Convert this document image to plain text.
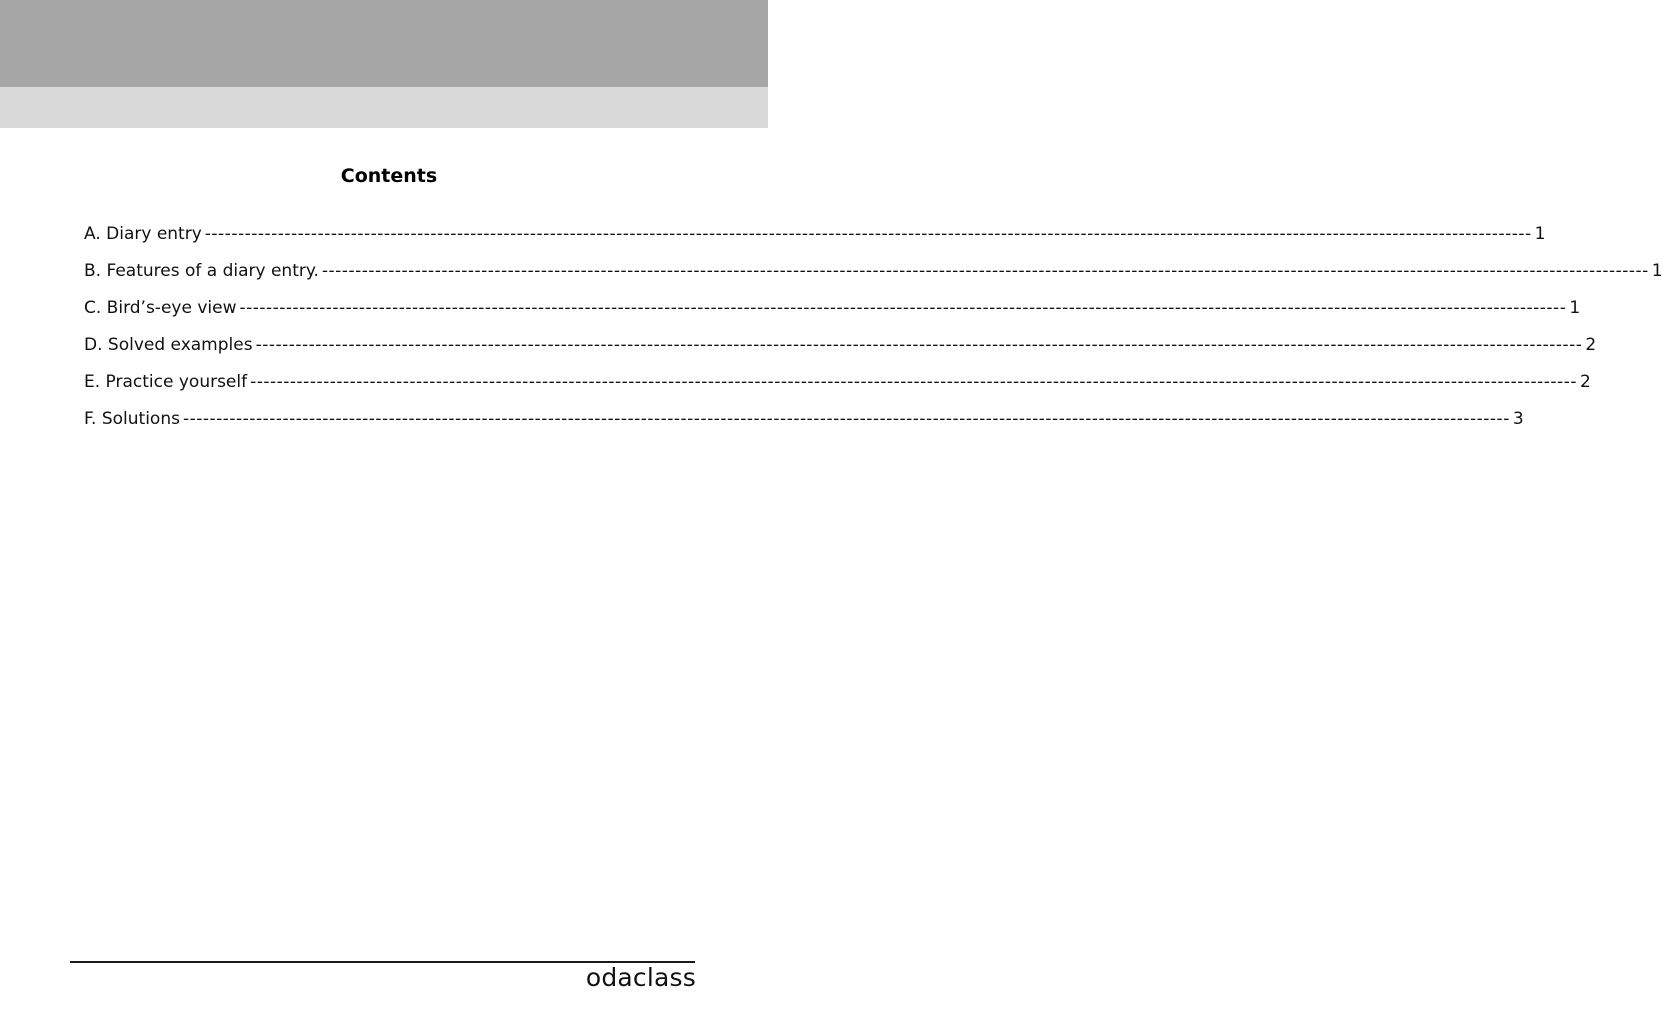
Contents
A. Diary entry -------------------------------------------------------------------------------------------------------------------------------------------------------------------------------------------------------- 1
B. Features of a diary entry. -------------------------------------------------------------------------------------------------------------------------------------------------------------------------------------------------------- 1
C. Bird’s-eye view -------------------------------------------------------------------------------------------------------------------------------------------------------------------------------------------------------- 1
D. Solved examples -------------------------------------------------------------------------------------------------------------------------------------------------------------------------------------------------------- 2
E. Practice yourself -------------------------------------------------------------------------------------------------------------------------------------------------------------------------------------------------------- 2
F. Solutions -------------------------------------------------------------------------------------------------------------------------------------------------------------------------------------------------------- 3
odaclass
